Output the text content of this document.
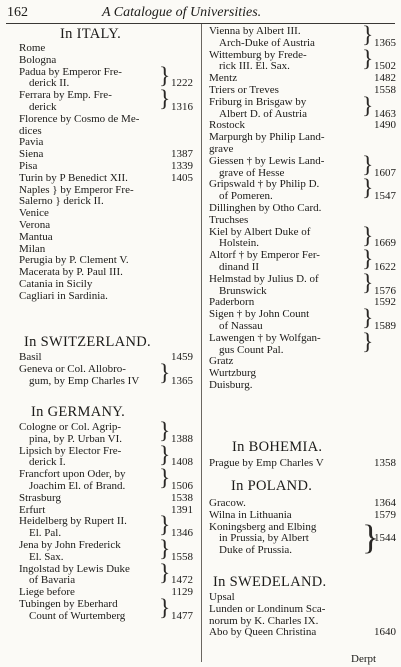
162	A Catalogue of Universities.
In ITALY.
In SWITZERLAND.
In GERMANY.
In BOHEMIA.
In POLAND.
In SWEDELAND.
Derpt
Rome
Bologna
Padua by Emperor Fre-
derick II.	1222
Ferrara by Emp. Fre-
derick	1316
Florence by Cosmo de Me-
dices
Pavia
Siena	1387
Pisa	1339
Turin by P Benedict XII.	1405
Naples } by Emperor Fre-
Salerno } derick II.
Venice
Verona
Mantua
Milan
Perugia by P. Clement V.
Macerata by P. Paul III.
Catania in Sicily
Cagliari in Sardinia.
}
}
Basil	1459
Geneva or Col. Allobro-
gum, by Emp Charles IV	1365
}
Cologne or Col. Agrip-
pina, by P. Urban VI.	1388
Lipsich by Elector Fre-
derick I.	1408
Francfort upon Oder, by
Joachim El. of Brand.	1506
Strasburg	1538
Erfurt	1391
Heidelberg by Rupert II.
El. Pal.	1346
Jena by John Frederick
El. Sax.	1558
Ingolstad by Lewis Duke
of Bavaria	1472
Liege before	1129
Tubingen by Eberhard
Count of Wurtemberg	1477
}
}
}
}
}
}
}
Vienna by Albert III.
Arch-Duke of Austria	1365
Wittemburg by Frede-
rick III. El. Sax.	1502
Mentz	1482
Triers or Treves	1558
Friburg in Brisgaw by
Albert D. of Austria	1463
Rostock	1490
Marpurgh by Philip Land-
grave
Giessen † by Lewis Land-
grave of Hesse	1607
Gripswald † by Philip D.
of Pomeren.	1547
Dillinghen by Otho Card.
Truchses
Kiel by Albert Duke of
Holstein.	1669
Altorf † by Emperor Fer-
dinand II	1622
Helmstad by Julius D. of
Brunswick	1576
Paderborn	1592
Sigen † by John Count
of Nassau	1589
Lawengen † by Wolfgan-
gus Count Pal.
Gratz
Wurtzburg
Duisburg.
}
}
}
}
}
}
}
}
}
}
Prague by Emp Charles V	1358
Gracow.	1364
Wilna in Lithuania	1579
Koningsberg and Elbing
in Prussia, by Albert	1544
Duke of Prussia. }
Upsal
Lunden or Londinum Sca-
norum by K. Charles IX.
Abo by Queen Christina	1640
